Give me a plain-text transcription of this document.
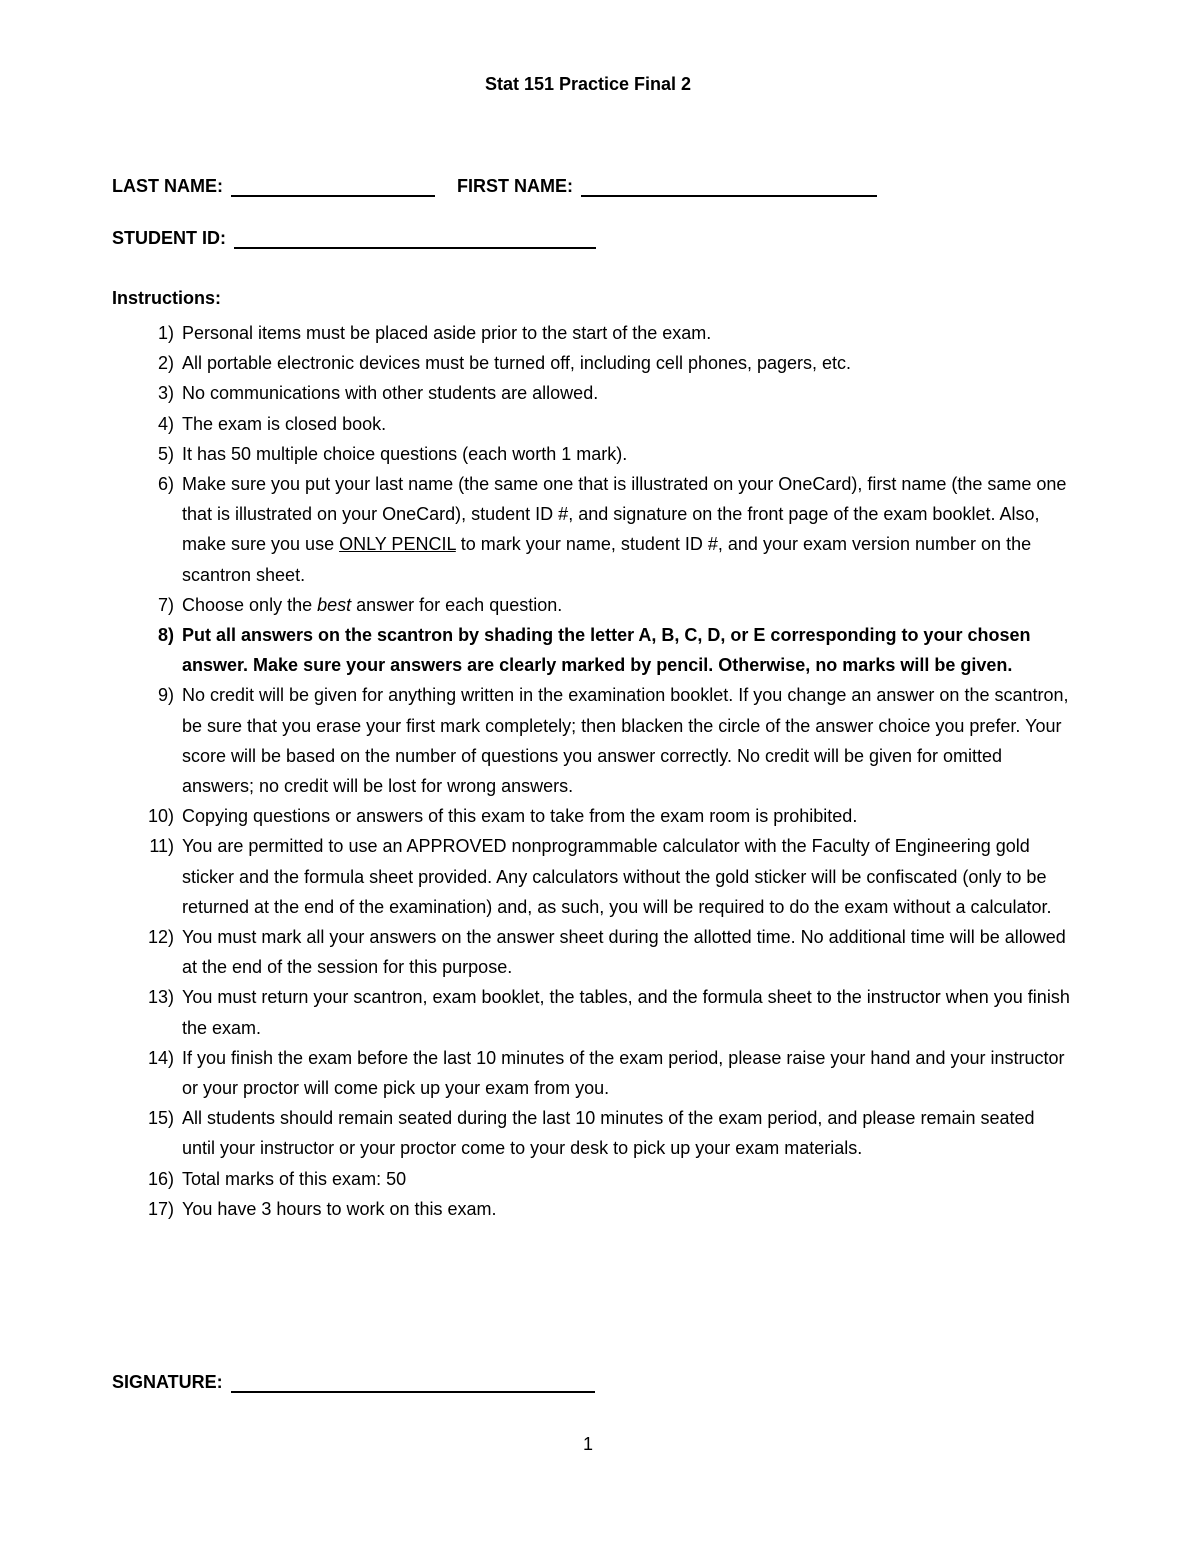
Stat 151 Practice Final 2
LAST NAME:	FIRST NAME:
STUDENT ID:
Instructions:
1) Personal items must be placed aside prior to the start of the exam.
2) All portable electronic devices must be turned off, including cell phones, pagers, etc.
3) No communications with other students are allowed.
4) The exam is closed book.
5) It has 50 multiple choice questions (each worth 1 mark).
6) Make sure you put your last name (the same one that is illustrated on your OneCard), first name (the same one that is illustrated on your OneCard), student ID #, and signature on the front page of the exam booklet. Also, make sure you use ONLY PENCIL to mark your name, student ID #, and your exam version number on the scantron sheet.
7) Choose only the best answer for each question.
8) Put all answers on the scantron by shading the letter A, B, C, D, or E corresponding to your chosen answer. Make sure your answers are clearly marked by pencil. Otherwise, no marks will be given.
9) No credit will be given for anything written in the examination booklet. If you change an answer on the scantron, be sure that you erase your first mark completely; then blacken the circle of the answer choice you prefer. Your score will be based on the number of questions you answer correctly. No credit will be given for omitted answers; no credit will be lost for wrong answers.
10) Copying questions or answers of this exam to take from the exam room is prohibited.
11) You are permitted to use an APPROVED nonprogrammable calculator with the Faculty of Engineering gold sticker and the formula sheet provided. Any calculators without the gold sticker will be confiscated (only to be returned at the end of the examination) and, as such, you will be required to do the exam without a calculator.
12) You must mark all your answers on the answer sheet during the allotted time. No additional time will be allowed at the end of the session for this purpose.
13) You must return your scantron, exam booklet, the tables, and the formula sheet to the instructor when you finish the exam.
14) If you finish the exam before the last 10 minutes of the exam period, please raise your hand and your instructor or your proctor will come pick up your exam from you.
15) All students should remain seated during the last 10 minutes of the exam period, and please remain seated until your instructor or your proctor come to your desk to pick up your exam materials.
16) Total marks of this exam: 50
17) You have 3 hours to work on this exam.
SIGNATURE:
1
